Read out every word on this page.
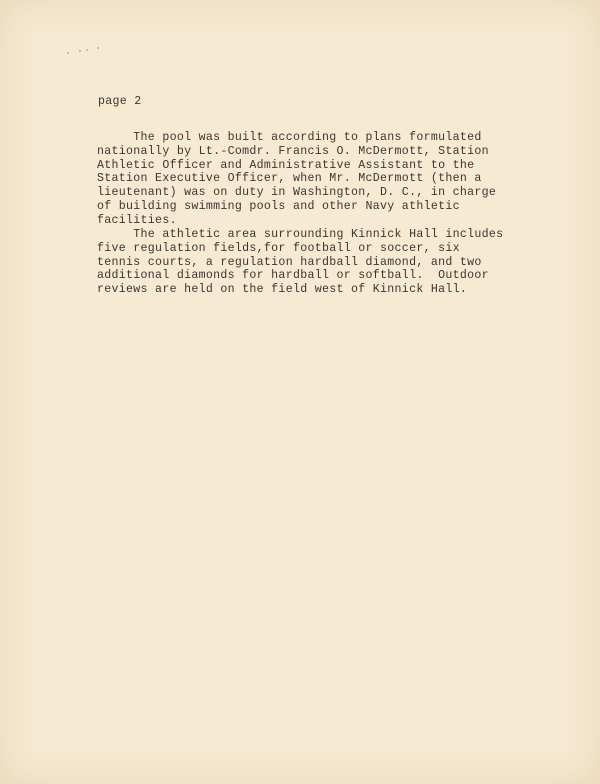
page 2
The pool was built according to plans formulated
nationally by Lt.-Comdr. Francis O. McDermott, Station
Athletic Officer and Administrative Assistant to the
Station Executive Officer, when Mr. McDermott (then a
lieutenant) was on duty in Washington, D. C., in charge
of building swimming pools and other Navy athletic
facilities.
The athletic area surrounding Kinnick Hall includes
five regulation fields,for football or soccer, six
tennis courts, a regulation hardball diamond, and two
additional diamonds for hardball or softball.  Outdoor
reviews are held on the field west of Kinnick Hall.
